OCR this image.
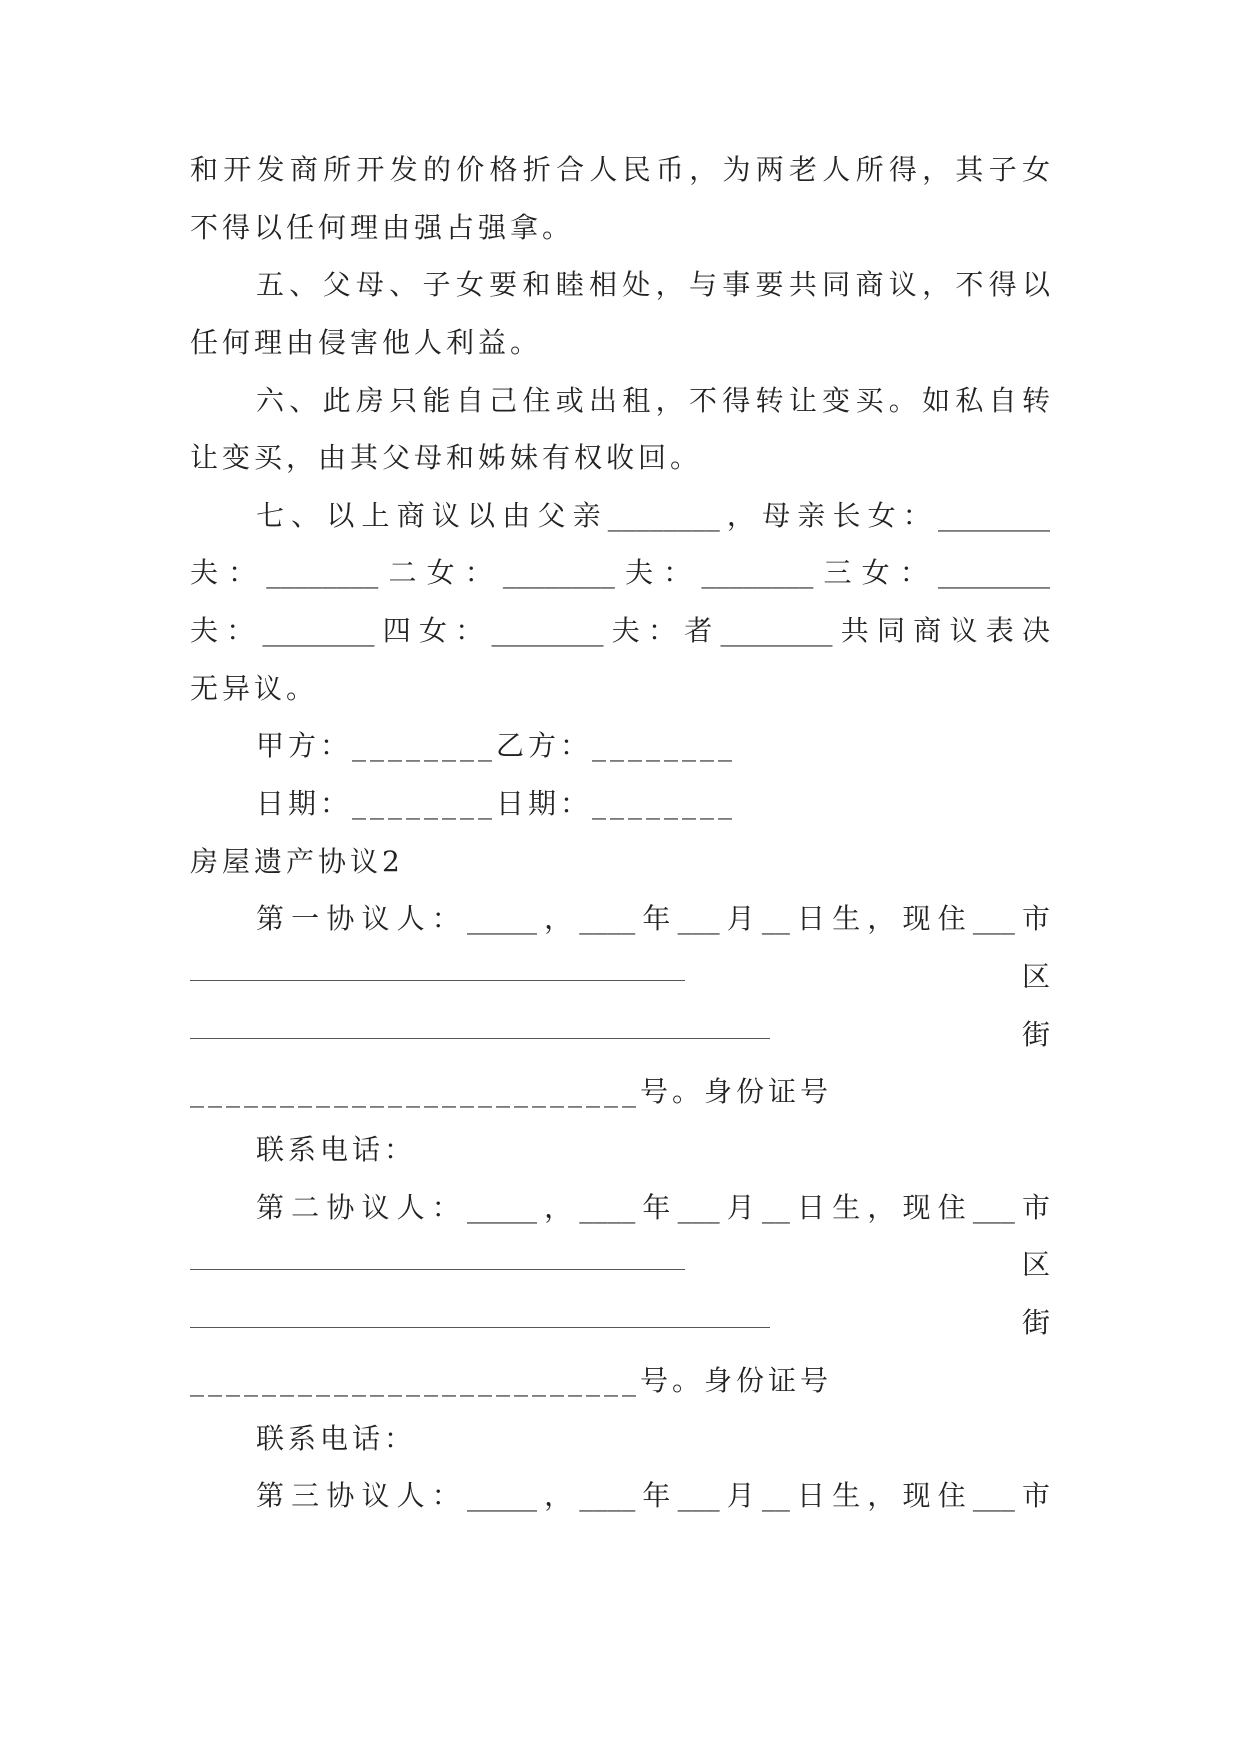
和开发商所开发的价格折合人民币，为两老人所得，其子女
不得以任何理由强占强拿。
五、父母、子女要和睦相处，与事要共同商议，不得以
任何理由侵害他人利益。
六、此房只能自己住或出租，不得转让变买。如私自转
让变买，由其父母和姊妹有权收回。
七、以上商议以由父亲________，母亲长女：________
夫：________二女：________夫：________三女：________
夫：________四女：________夫：者________共同商议表决
无异议。
甲方：________乙方：________
日期：________日期：________
房屋遗产协议2
第一协议人：_____，____年___月__日生，现住___市
区
街
_________________________号。身份证号
联系电话：
第二协议人：_____，____年___月__日生，现住___市
区
街
_________________________号。身份证号
联系电话：
第三协议人：_____，____年___月__日生，现住___市
